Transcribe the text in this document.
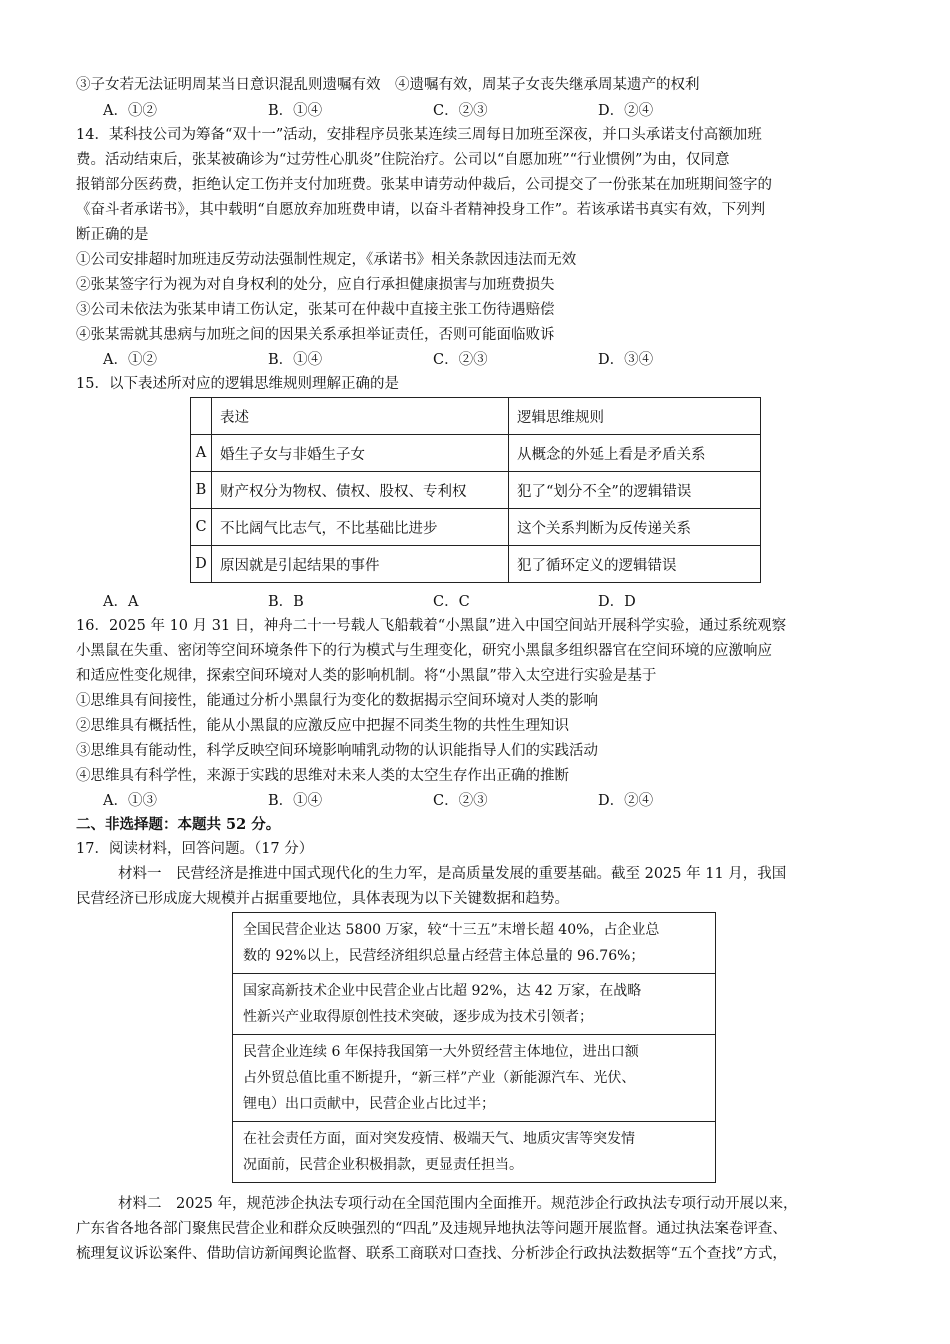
③子女若无法证明周某当日意识混乱则遗嘱有效　④遗嘱有效，周某子女丧失继承周某遗产的权利
A．①②	B．①④	C．②③	D．②④
14．某科技公司为筹备“双十一”活动，安排程序员张某连续三周每日加班至深夜，并口头承诺支付高额加班
费。活动结束后，张某被确诊为“过劳性心肌炎”住院治疗。公司以“自愿加班”“行业惯例”为由，仅同意
报销部分医药费，拒绝认定工伤并支付加班费。张某申请劳动仲裁后，公司提交了一份张某在加班期间签字的
《奋斗者承诺书》，其中载明“自愿放弃加班费申请，以奋斗者精神投身工作”。若该承诺书真实有效，下列判
断正确的是
①公司安排超时加班违反劳动法强制性规定，《承诺书》相关条款因违法而无效
②张某签字行为视为对自身权利的处分，应自行承担健康损害与加班费损失
③公司未依法为张某申请工伤认定，张某可在仲裁中直接主张工伤待遇赔偿
④张某需就其患病与加班之间的因果关系承担举证责任，否则可能面临败诉
A．①②	B．①④	C．②③	D．③④
15．以下表述所对应的逻辑思维规则理解正确的是
	表述	逻辑思维规则
A	婚生子女与非婚生子女	从概念的外延上看是矛盾关系
B	财产权分为物权、债权、股权、专利权	犯了“划分不全”的逻辑错误
C	不比阔气比志气，不比基础比进步	这个关系判断为反传递关系
D	原因就是引起结果的事件	犯了循环定义的逻辑错误
A．A	B．B	C．C	D．D
16．2025 年 10 月 31 日，神舟二十一号载人飞船载着“小黑鼠”进入中国空间站开展科学实验，通过系统观察
小黑鼠在失重、密闭等空间环境条件下的行为模式与生理变化，研究小黑鼠多组织器官在空间环境的应激响应
和适应性变化规律，探索空间环境对人类的影响机制。将“小黑鼠”带入太空进行实验是基于
①思维具有间接性，能通过分析小黑鼠行为变化的数据揭示空间环境对人类的影响
②思维具有概括性，能从小黑鼠的应激反应中把握不同类生物的共性生理知识
③思维具有能动性，科学反映空间环境影响哺乳动物的认识能指导人们的实践活动
④思维具有科学性，来源于实践的思维对未来人类的太空生存作出正确的推断
A．①③	B．①④	C．②③	D．②④
二、非选择题：本题共 52 分。
17．阅读材料，回答问题。（17 分）
材料一　民营经济是推进中国式现代化的生力军，是高质量发展的重要基础。截至 2025 年 11 月，我国
民营经济已形成庞大规模并占据重要地位，具体表现为以下关键数据和趋势。
全国民营企业达 5800 万家，较“十三五”末增长超 40%，占企业总
数的 92%以上，民营经济组织总量占经营主体总量的 96.76%；
国家高新技术企业中民营企业占比超 92%，达 42 万家，在战略
性新兴产业取得原创性技术突破，逐步成为技术引领者；
民营企业连续 6 年保持我国第一大外贸经营主体地位，进出口额
占外贸总值比重不断提升，“新三样”产业（新能源汽车、光伏、
锂电）出口贡献中，民营企业占比过半；
在社会责任方面，面对突发疫情、极端天气、地质灾害等突发情
况面前，民营企业积极捐款，更显责任担当。
材料二　2025 年，规范涉企执法专项行动在全国范围内全面推开。规范涉企行政执法专项行动开展以来，
广东省各地各部门聚焦民营企业和群众反映强烈的“四乱”及违规异地执法等问题开展监督。通过执法案卷评查、
梳理复议诉讼案件、借助信访新闻舆论监督、联系工商联对口查找、分析涉企行政执法数据等“五个查找”方式，
